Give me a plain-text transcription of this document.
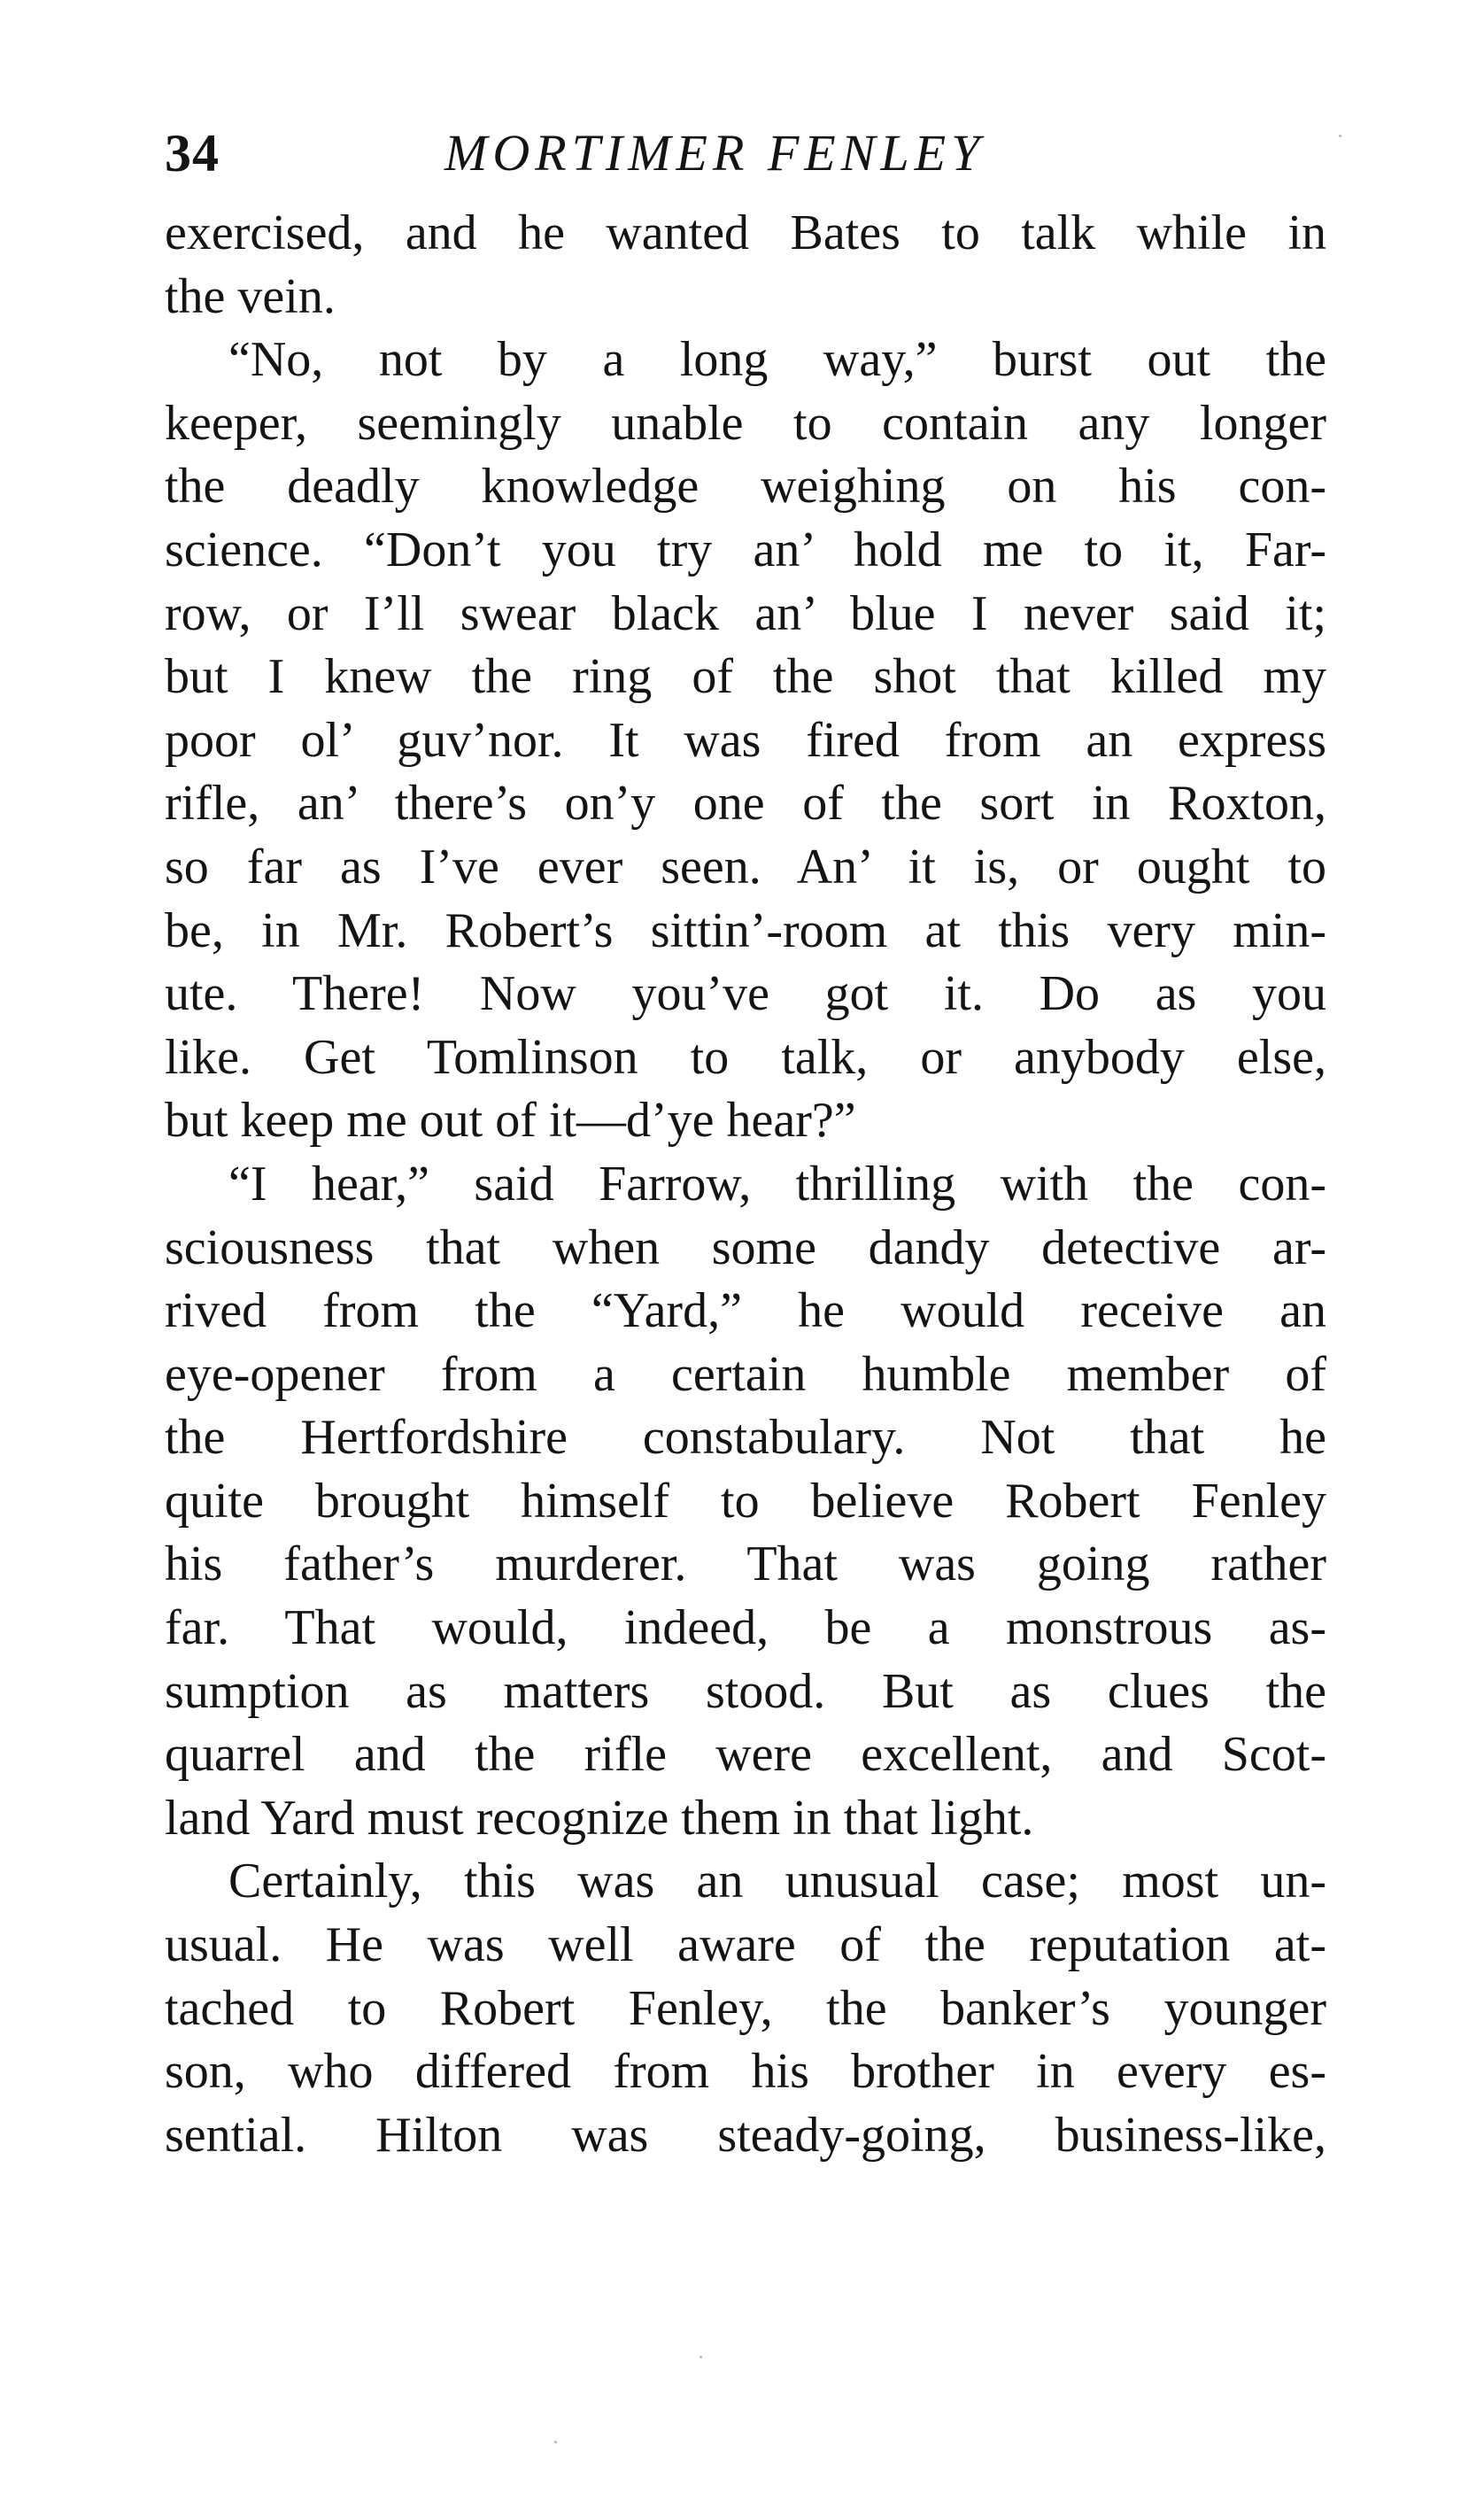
34	MORTIMER FENLEY

exercised, and he wanted Bates to talk while in
the vein.

“No, not by a long way,” burst out the
keeper, seemingly unable to contain any longer
the deadly knowledge weighing on his con-
science. “Don’t you try an’ hold me to it, Far-
row, or I’ll swear black an’ blue I never said it;
but I knew the ring of the shot that killed my
poor ol’ guv’nor. It was fired from an express
rifle, an’ there’s on’y one of the sort in Roxton,
so far as I’ve ever seen. An’ it is, or ought to
be, in Mr. Robert’s sittin’-room at this very min-
ute. There! Now you’ve got it. Do as you
like. Get Tomlinson to talk, or anybody else,
but keep me out of it—d’ye hear?”

“I hear,” said Farrow, thrilling with the con-
sciousness that when some dandy detective ar-
rived from the “Yard,” he would receive an
eye-opener from a certain humble member of
the Hertfordshire constabulary. Not that he
quite brought himself to believe Robert Fenley
his father’s murderer. That was going rather
far. That would, indeed, be a monstrous as-
sumption as matters stood. But as clues the
quarrel and the rifle were excellent, and Scot-
land Yard must recognize them in that light.

Certainly, this was an unusual case; most un-
usual. He was well aware of the reputation at-
tached to Robert Fenley, the banker’s younger
son, who differed from his brother in every es-
sential. Hilton was steady-going, business-like,
